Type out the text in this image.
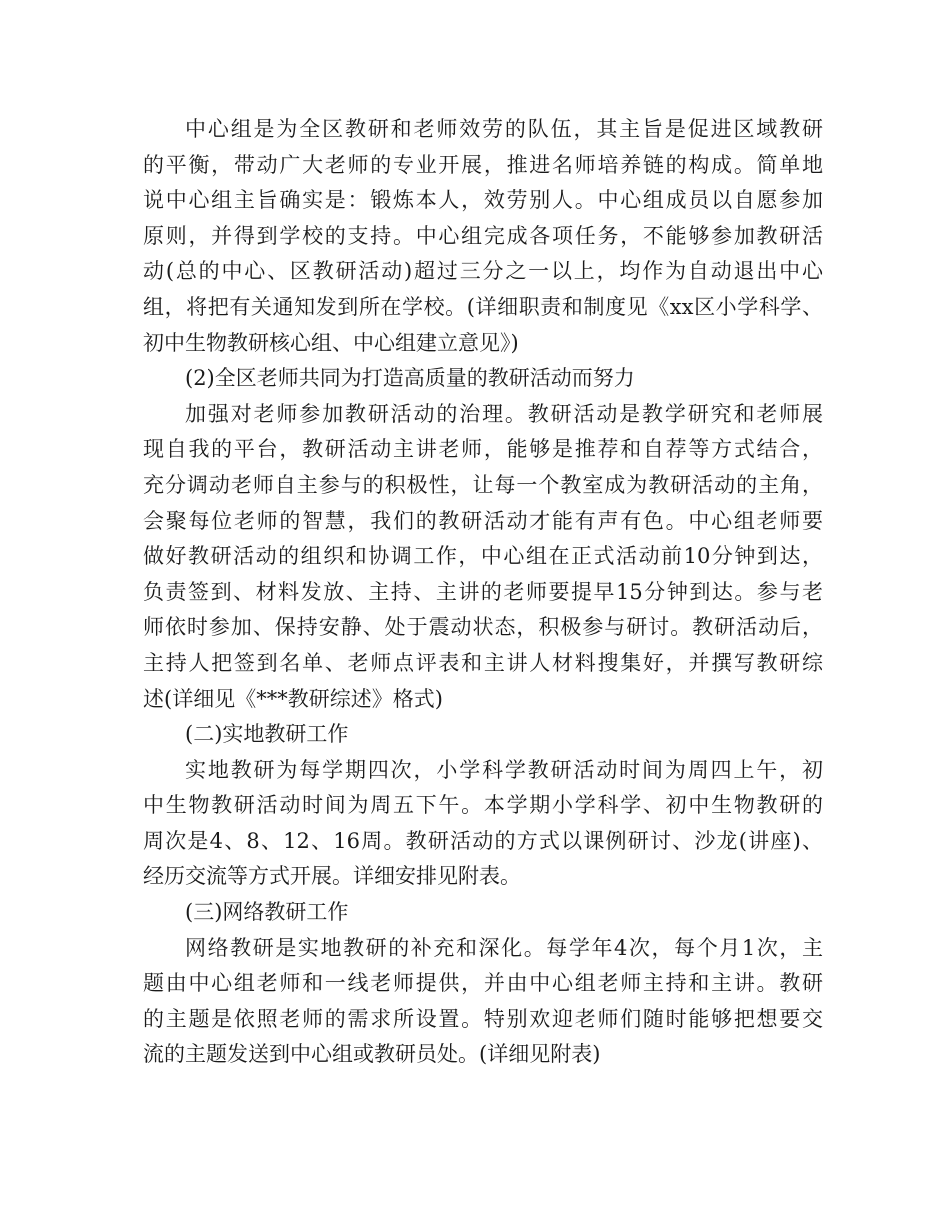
中心组是为全区教研和老师效劳的队伍，其主旨是促进区域教研
的平衡，带动广大老师的专业开展，推进名师培养链的构成。简单地
说中心组主旨确实是：锻炼本人，效劳别人。中心组成员以自愿参加
原则，并得到学校的支持。中心组完成各项任务，不能够参加教研活
动(总的中心、区教研活动)超过三分之一以上，均作为自动退出中心
组，将把有关通知发到所在学校。(详细职责和制度见《xx区小学科学、
初中生物教研核心组、中心组建立意见》)
(2)全区老师共同为打造高质量的教研活动而努力
加强对老师参加教研活动的治理。教研活动是教学研究和老师展
现自我的平台，教研活动主讲老师，能够是推荐和自荐等方式结合，
充分调动老师自主参与的积极性，让每一个教室成为教研活动的主角，
会聚每位老师的智慧，我们的教研活动才能有声有色。中心组老师要
做好教研活动的组织和协调工作，中心组在正式活动前10分钟到达，
负责签到、材料发放、主持、主讲的老师要提早15分钟到达。参与老
师依时参加、保持安静、处于震动状态，积极参与研讨。教研活动后，
主持人把签到名单、老师点评表和主讲人材料搜集好，并撰写教研综
述(详细见《***教研综述》格式)
(二)实地教研工作
实地教研为每学期四次，小学科学教研活动时间为周四上午，初
中生物教研活动时间为周五下午。本学期小学科学、初中生物教研的
周次是4、8、12、16周。教研活动的方式以课例研讨、沙龙(讲座)、
经历交流等方式开展。详细安排见附表。
(三)网络教研工作
网络教研是实地教研的补充和深化。每学年4次，每个月1次，主
题由中心组老师和一线老师提供，并由中心组老师主持和主讲。教研
的主题是依照老师的需求所设置。特别欢迎老师们随时能够把想要交
流的主题发送到中心组或教研员处。(详细见附表)
